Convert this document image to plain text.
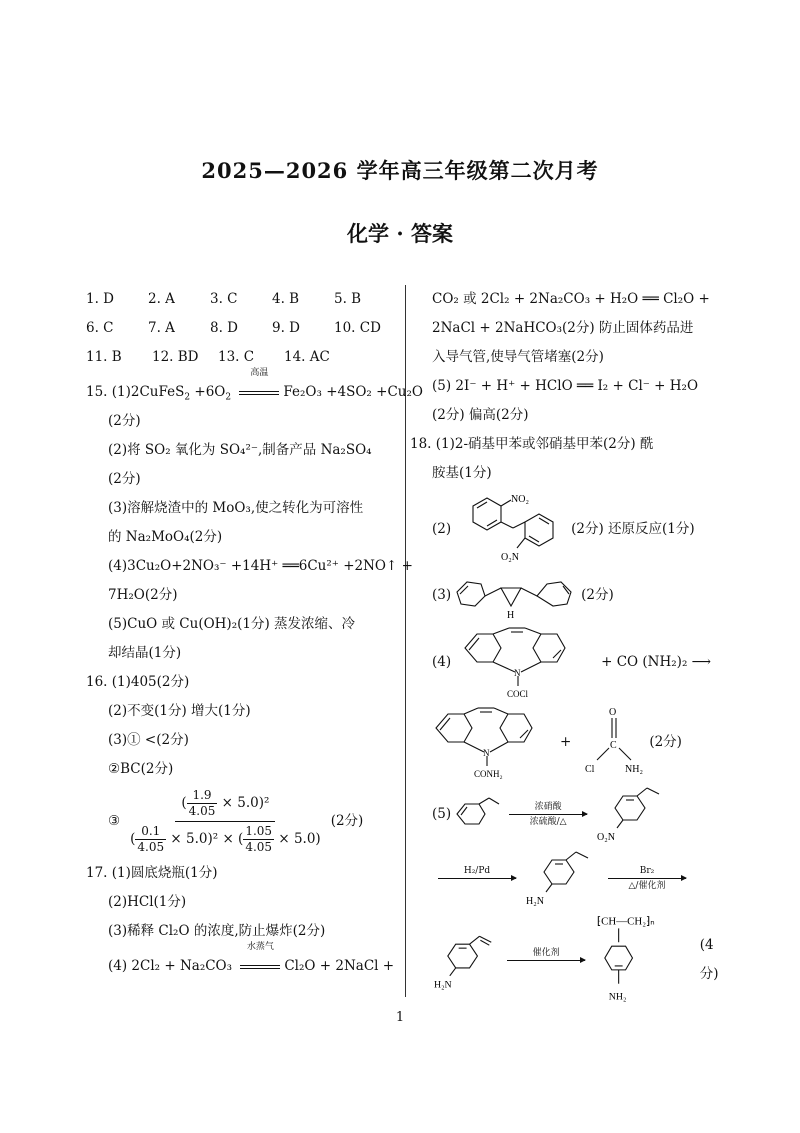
2025—2026 学年高三年级第二次月考
化学 · 答案
1. D	2. A	3. C	4. B	5. B
6. C	7. A	8. D	9. D	10. CD
11. B	12. BD	13. C	14. AC
15. (1)2CuFeS$_2$ $+6O_2$
高温
Fe₂O₃ +4SO₂ +Cu₂O
(2分)
(2)将 SO₂ 氧化为 SO₄²⁻,制备产品 Na₂SO₄
(2分)
(3)溶解烧渣中的 MoO₃,使之转化为可溶性
的 Na₂MoO₄(2分)
(4)3Cu₂O+2NO₃⁻ +14H⁺ ══6Cu²⁺ +2NO↑ +
7H₂O(2分)
(5)CuO 或 Cu(OH)₂(1分) 蒸发浓缩、冷
却结晶(1分)
16. (1)405(2分)
(2)不变(1分) 增大(1分)
(3)① <(2分)
②BC(2分)
③
( $\frac{1.9}{4.05} \times 5.0)^2$
( $\frac{0.1}{4.05} \times 5.0)^2$ × ( $\frac{1.05}{4.05} \times 5.0$)
(2分)
17. (1)圆底烧瓶(1分)
(2)HCl(1分)
(3)稀释 Cl₂O 的浓度,防止爆炸(2分)
(4) 2Cl₂ + Na₂CO₃
水蒸气
Cl₂O + 2NaCl +
CO₂ 或 2Cl₂ + 2Na₂CO₃ + H₂O ══ Cl₂O +
2NaCl + 2NaHCO₃(2分) 防止固体药品进
入导气管,使导气管堵塞(2分)
(5) 2I⁻ + H⁺ + HClO ══ I₂ + Cl⁻ + H₂O
(2分) 偏高(2分)
18. (1)2-硝基甲苯或邻硝基甲苯(2分) 酰
胺基(1分)
(2)
NO₂
O₂N
(2分) 还原反应(1分)
(3)
H
(2分)
(4)
N
COCl
+ CO (NH₂)₂ ⟶
N
CONH₂
+
O
C
Cl	NH₂
(2分)
(5)	浓硝酸
浓硫酸/△
O₂N
H₂/Pd

H₂N
Br₂
△/催化剂
H₂N
催化剂

⁅CH—CH₂⁆ₙ
NH₂
(4分)
1
